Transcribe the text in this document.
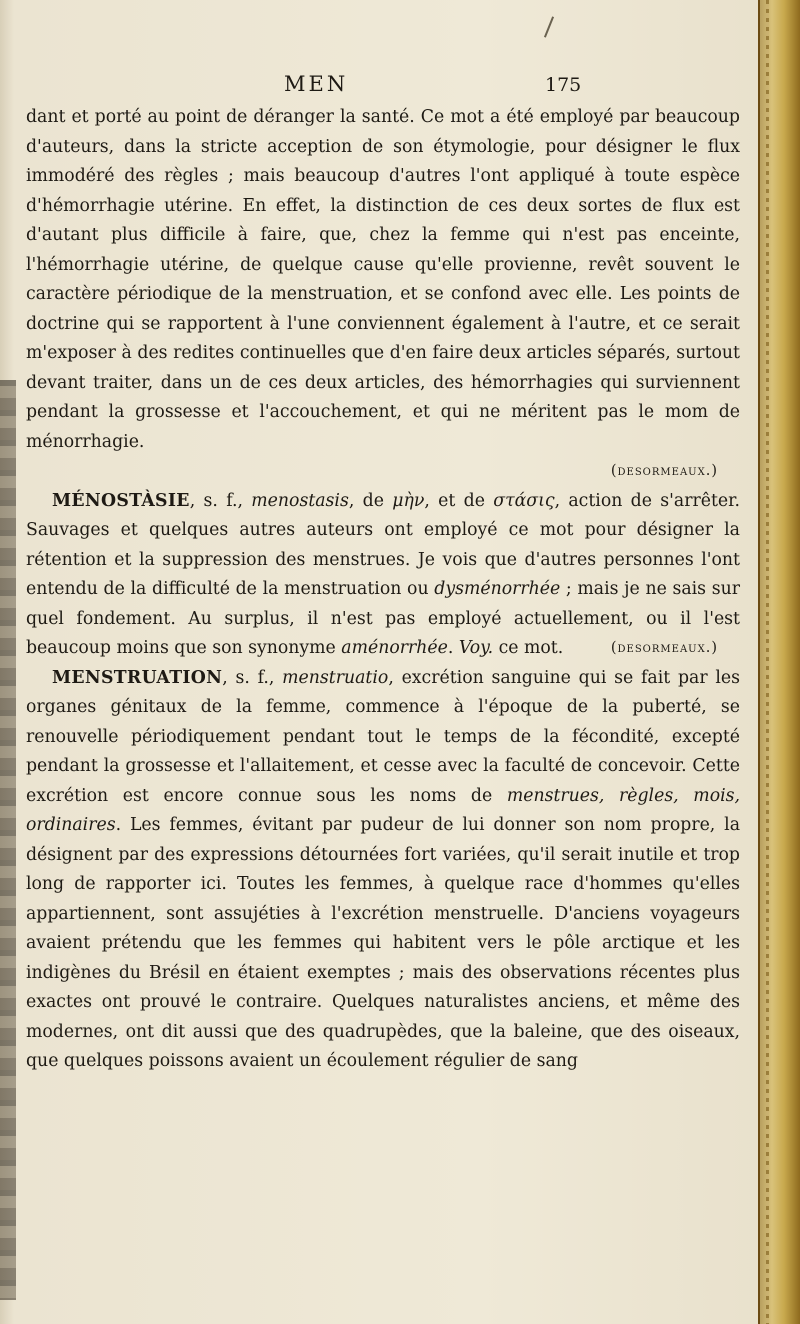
MEN	175

dant et porté au point de déranger la santé. Ce mot a été employé par beaucoup d'auteurs, dans la stricte acception de son étymologie, pour désigner le flux immodéré des règles ; mais beaucoup d'autres l'ont appliqué à toute espèce d'hémorrhagie utérine. En effet, la distinction de ces deux sortes de flux est d'autant plus difficile à faire, que, chez la femme qui n'est pas enceinte, l'hémorrhagie utérine, de quelque cause qu'elle provienne, revêt souvent le caractère périodique de la menstruation, et se confond avec elle. Les points de doctrine qui se rapportent à l'une conviennent également à l'autre, et ce serait m'exposer à des redites continuelles que d'en faire deux articles séparés, surtout devant traiter, dans un de ces deux articles, des hémorrhagies qui surviennent pendant la grossesse et l'accouchement, et qui ne méritent pas le mom de ménorrhagie.

(desormeaux.)

MÉNOSTÀSIE, s. f., menostasis, de μὴν, et de στάσις, action de s'arrêter. Sauvages et quelques autres auteurs ont employé ce mot pour désigner la rétention et la suppression des menstrues. Je vois que d'autres personnes l'ont entendu de la difficulté de la menstruation ou dysménorrhée ; mais je ne sais sur quel fondement. Au surplus, il n'est pas employé actuellement, ou il l'est beaucoup moins que son synonyme aménorrhée. Voy. ce mot.	(desormeaux.)

MENSTRUATION, s. f., menstruatio, excrétion sanguine qui se fait par les organes génitaux de la femme, commence à l'époque de la puberté, se renouvelle périodiquement pendant tout le temps de la fécondité, excepté pendant la grossesse et l'allaitement, et cesse avec la faculté de concevoir. Cette excrétion est encore connue sous les noms de menstrues, règles, mois, ordinaires. Les femmes, évitant par pudeur de lui donner son nom propre, la désignent par des expressions détournées fort variées, qu'il serait inutile et trop long de rapporter ici. Toutes les femmes, à quelque race d'hommes qu'elles appartiennent, sont assujéties à l'excrétion menstruelle. D'anciens voyageurs avaient prétendu que les femmes qui habitent vers le pôle arctique et les indigènes du Brésil en étaient exemptes ; mais des observations récentes plus exactes ont prouvé le contraire. Quelques naturalistes anciens, et même des modernes, ont dit aussi que des quadrupèdes, que la baleine, que des oiseaux, que quelques poissons avaient un écoulement régulier de sang
